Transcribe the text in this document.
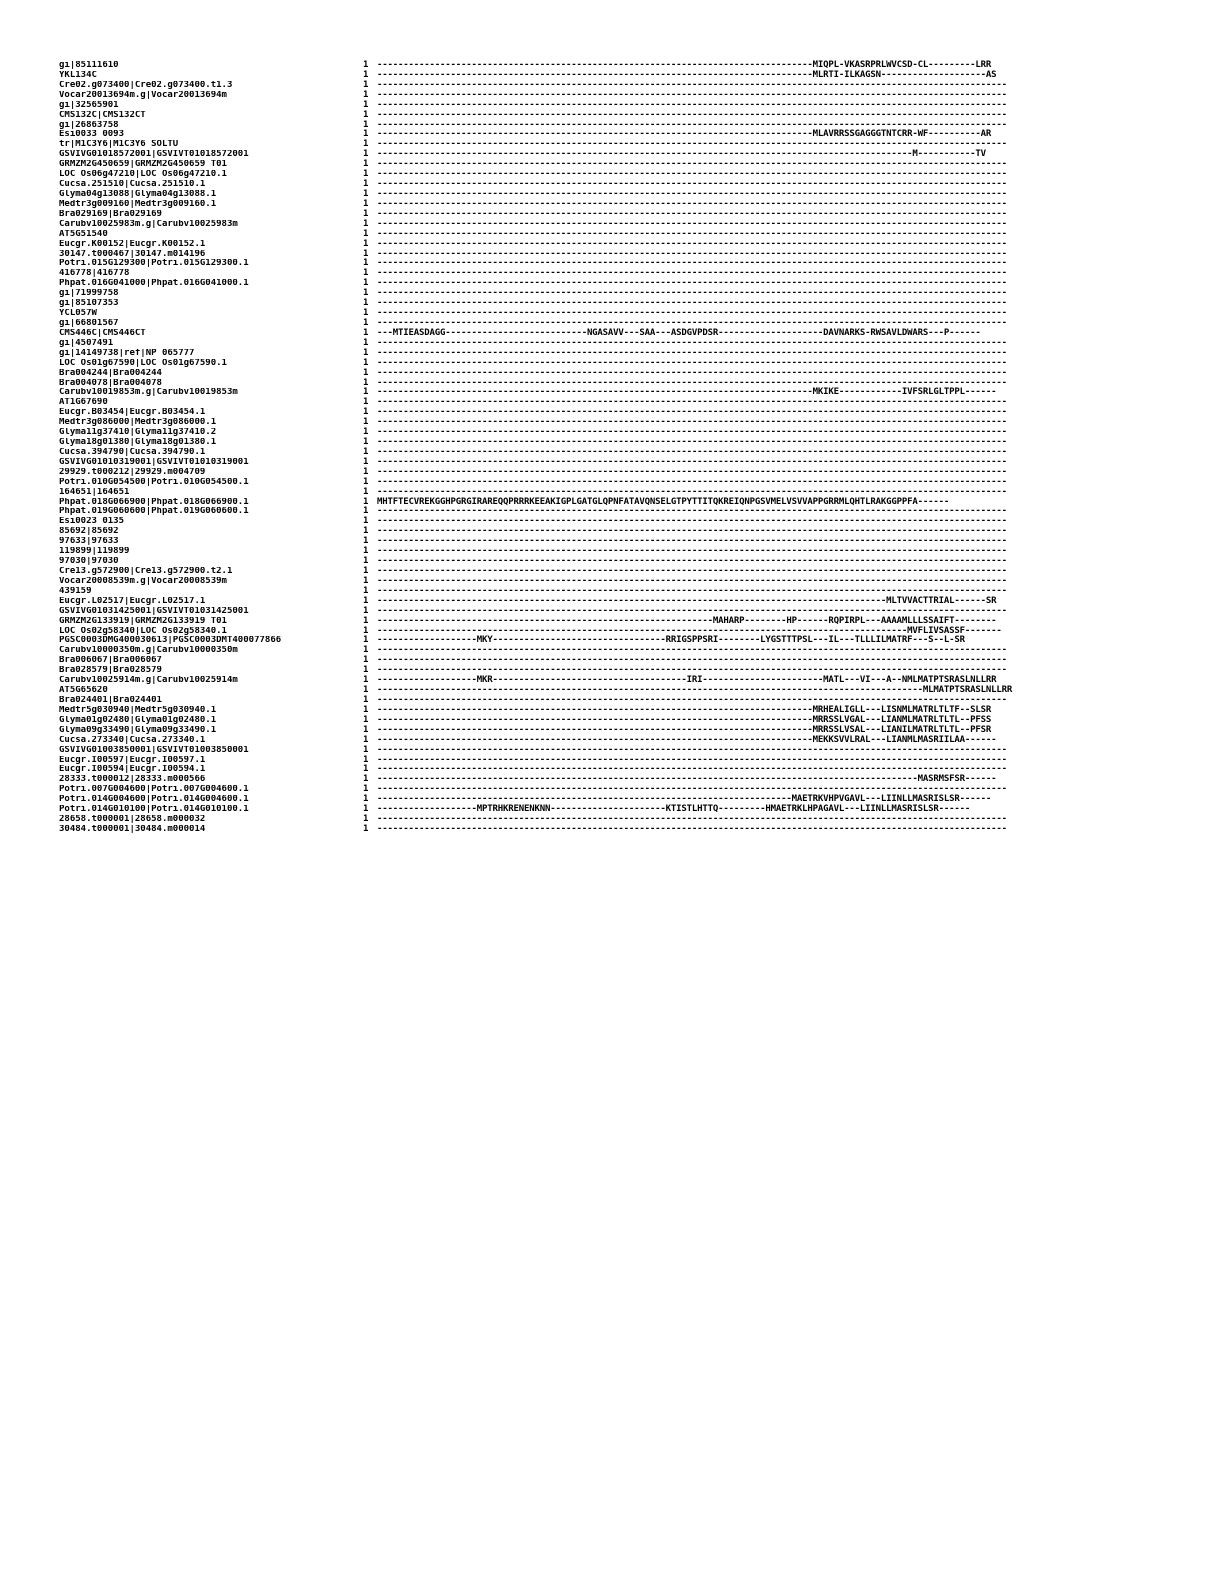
gi|85111610	1 -----------------------------------------------------------------------------------MIQPL-VKASRPRLWVCSD-CL---------LRR
YKL134C	1 -----------------------------------------------------------------------------------MLRTI-ILKAGSN--------------------AS
Cre02.g073400|Cre02.g073400.t1.3	1 ------------------------------------------------------------------------------------------------------------------------
Vocar20013694m.g|Vocar20013694m	1 ------------------------------------------------------------------------------------------------------------------------
gi|32565901	1 ------------------------------------------------------------------------------------------------------------------------
CMS132C|CMS132CT	1 ------------------------------------------------------------------------------------------------------------------------
gi|26863758	1 ------------------------------------------------------------------------------------------------------------------------
Esi0033 0093	1 -----------------------------------------------------------------------------------MLAVRRSSGAGGGTNTCRR-WF----------AR
tr|M1C3Y6|M1C3Y6 SOLTU	1 ------------------------------------------------------------------------------------------------------------------------
GSVIVG01018572001|GSVIVT01018572001	1 ------------------------------------------------------------------------------------------------------M-----------TV
GRMZM2G450659|GRMZM2G450659 T01	1 ------------------------------------------------------------------------------------------------------------------------
LOC Os06g47210|LOC Os06g47210.1	1 ------------------------------------------------------------------------------------------------------------------------
Cucsa.251510|Cucsa.251510.1	1 ------------------------------------------------------------------------------------------------------------------------
Glyma04g13088|Glyma04g13088.1	1 ------------------------------------------------------------------------------------------------------------------------
Medtr3g009160|Medtr3g009160.1	1 ------------------------------------------------------------------------------------------------------------------------
Bra029169|Bra029169	1 ------------------------------------------------------------------------------------------------------------------------
Carubv10025983m.g|Carubv10025983m	1 ------------------------------------------------------------------------------------------------------------------------
AT5G51540	1 ------------------------------------------------------------------------------------------------------------------------
Eucgr.K00152|Eucgr.K00152.1	1 ------------------------------------------------------------------------------------------------------------------------
30147.t000467|30147.m014196	1 ------------------------------------------------------------------------------------------------------------------------
Potri.015G129300|Potri.015G129300.1	1 ------------------------------------------------------------------------------------------------------------------------
416778|416778	1 ------------------------------------------------------------------------------------------------------------------------
Phpat.016G041000|Phpat.016G041000.1	1 ------------------------------------------------------------------------------------------------------------------------
gi|71999758	1 ------------------------------------------------------------------------------------------------------------------------
gi|85107353	1 ------------------------------------------------------------------------------------------------------------------------
YCL057W	1 ------------------------------------------------------------------------------------------------------------------------
gi|66801567	1 ------------------------------------------------------------------------------------------------------------------------
CMS446C|CMS446CT	1 ---MTIEASDAGG---------------------------NGASAVV---SAA---ASDGVPDSR--------------------DAVNARKS-RWSAVLDWARS---P------
gi|4507491	1 ------------------------------------------------------------------------------------------------------------------------
gi|14149738|ref|NP 065777	1 ------------------------------------------------------------------------------------------------------------------------
LOC Os01g67590|LOC Os01g67590.1	1 ------------------------------------------------------------------------------------------------------------------------
Bra004244|Bra004244	1 ------------------------------------------------------------------------------------------------------------------------
Bra004078|Bra004078	1 ------------------------------------------------------------------------------------------------------------------------
Carubv10019853m.g|Carubv10019853m	1 -----------------------------------------------------------------------------------MKIKE------------IVFSRLGLTPPL------
AT1G67690	1 ------------------------------------------------------------------------------------------------------------------------
Eucgr.B03454|Eucgr.B03454.1	1 ------------------------------------------------------------------------------------------------------------------------
Medtr3g086000|Medtr3g086000.1	1 ------------------------------------------------------------------------------------------------------------------------
Glyma11g37410|Glyma11g37410.2	1 ------------------------------------------------------------------------------------------------------------------------
Glyma18g01380|Glyma18g01380.1	1 ------------------------------------------------------------------------------------------------------------------------
Cucsa.394790|Cucsa.394790.1	1 ------------------------------------------------------------------------------------------------------------------------
GSVIVG01010319001|GSVIVT01010319001	1 ------------------------------------------------------------------------------------------------------------------------
29929.t000212|29929.m004709	1 ------------------------------------------------------------------------------------------------------------------------
Potri.010G054500|Potri.010G054500.1	1 ------------------------------------------------------------------------------------------------------------------------
164651|164651	1 ------------------------------------------------------------------------------------------------------------------------
Phpat.018G066900|Phpat.018G066900.1	1 MHTFTECVREKGGHPGRGIRAREQQPRRRKEEAKIGPLGATGLQPNFATAVQNSELGTPYTTITQKREIQNPGSVMELVSVVAPPGRRMLQHTLRAKGGPPFA------
Phpat.019G060600|Phpat.019G060600.1	1 ------------------------------------------------------------------------------------------------------------------------
Esi0023 0135	1 ------------------------------------------------------------------------------------------------------------------------
85692|85692	1 ------------------------------------------------------------------------------------------------------------------------
97633|97633	1 ------------------------------------------------------------------------------------------------------------------------
119899|119899	1 ------------------------------------------------------------------------------------------------------------------------
97030|97030	1 ------------------------------------------------------------------------------------------------------------------------
Cre13.g572900|Cre13.g572900.t2.1	1 ------------------------------------------------------------------------------------------------------------------------
Vocar20008539m.g|Vocar20008539m	1 ------------------------------------------------------------------------------------------------------------------------
439159	1 ------------------------------------------------------------------------------------------------------------------------
Eucgr.L02517|Eucgr.L02517.1	1 -------------------------------------------------------------------------------------------------MLTVVACTTRIAL------SR
GSVIVG01031425001|GSVIVT01031425001	1 ------------------------------------------------------------------------------------------------------------------------
GRMZM2G133919|GRMZM2G133919 T01	1 ----------------------------------------------------------------MAHARP--------HP------RQPIRPL---AAAAMLLLSSAIFT--------
LOC Os02g58340|LOC Os02g58340.1	1 -----------------------------------------------------------------------------------------------------MVFLIVSASSF-------
PGSC0003DMG400030613|PGSC0003DMT400077866	1 -------------------MKY---------------------------------RRIGSPPSRI--------LYGSTTTPSL---IL---TLLLILMATRF---S--L-SR
Carubv10000350m.g|Carubv10000350m	1 ------------------------------------------------------------------------------------------------------------------------
Bra006067|Bra006067	1 ------------------------------------------------------------------------------------------------------------------------
Bra028579|Bra028579	1 ------------------------------------------------------------------------------------------------------------------------
Carubv10025914m.g|Carubv10025914m	1 -------------------MKR-------------------------------------IRI-----------------------MATL---VI---A--NMLMATPTSRASLNLLRR
AT5G65620	1 --------------------------------------------------------------------------------------------------------MLMATPTSRASLNLLRR
Bra024401|Bra024401	1 ------------------------------------------------------------------------------------------------------------------------
Medtr5g030940|Medtr5g030940.1	1 -----------------------------------------------------------------------------------MRHEALIGLL---LISNMLMATRLTLTF--SLSR
Glyma01g02480|Glyma01g02480.1	1 -----------------------------------------------------------------------------------MRRSSLVGAL---LIANMLMATRLTLTL--PFSS
Glyma09g33490|Glyma09g33490.1	1 -----------------------------------------------------------------------------------MRRSSLVSAL---LIANILMATRLTLTL--PFSR
Cucsa.273340|Cucsa.273340.1	1 -----------------------------------------------------------------------------------MEKKSVVLRAL---LIANMLMASRIILAA------
GSVIVG01003850001|GSVIVT01003850001	1 ------------------------------------------------------------------------------------------------------------------------
Eucgr.I00597|Eucgr.I00597.1	1 ------------------------------------------------------------------------------------------------------------------------
Eucgr.I00594|Eucgr.I00594.1	1 ------------------------------------------------------------------------------------------------------------------------
28333.t000012|28333.m000566	1 -------------------------------------------------------------------------------------------------------MASRMSFSR------
Potri.007G004600|Potri.007G004600.1	1 ------------------------------------------------------------------------------------------------------------------------
Potri.014G004600|Potri.014G004600.1	1 -------------------------------------------------------------------------------MAETRKVHPVGAVL---LIINLLMASRISLSR------
Potri.014G010100|Potri.014G010100.1	1 -------------------MPTRHKRENENKNN----------------------KTISTLHTTQ---------HMAETRKLHPAGAVL---LIINLLMASRISLSR------
28658.t000001|28658.m000032	1 ------------------------------------------------------------------------------------------------------------------------
30484.t000001|30484.m000014	1 ------------------------------------------------------------------------------------------------------------------------
